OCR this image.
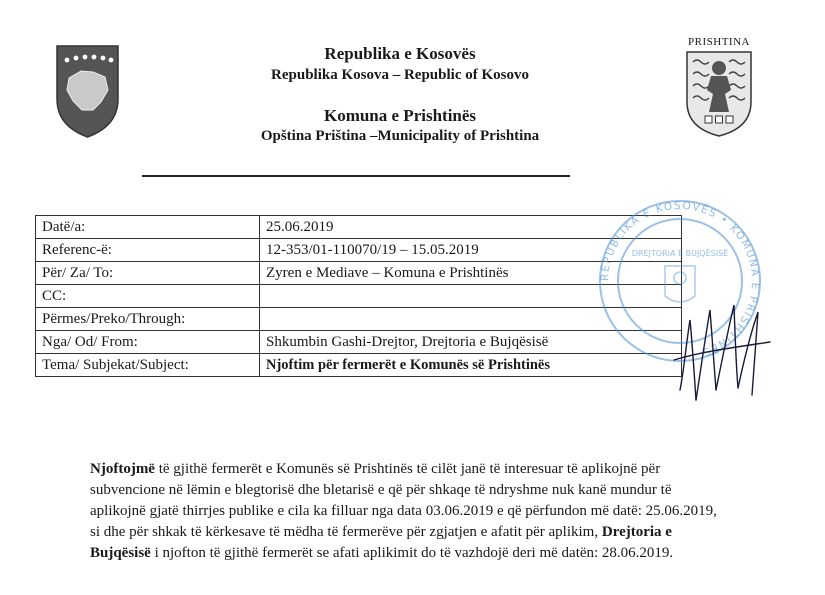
PRISHTINA
Republika e Kosovës
Republika Kosova – Republic of Kosovo
Komuna e Prishtinës
Opština Priština –Municipality of Prishtina
Datë/a:	25.06.2019
Referenc-ë:	12-353/01-110070/19 – 15.05.2019
Për/ Za/ To:	Zyren e Mediave – Komuna e Prishtinës
CC:	
Përmes/Preko/Through:	
Nga/ Od/ From:	Shkumbin Gashi-Drejtor, Drejtoria e Bujqësisë
Tema/ Subjekat/Subject:	Njoftim për fermerët e Komunës së Prishtinës
REPUBLIKA E KOSOVËS • KOMUNA E PRISHTINËS
DREJTORIA E BUJQËSISË
Njoftojmë të gjithë fermerët e Komunës së Prishtinës të cilët janë të interesuar të aplikojnë për subvencione në lëmin e blegtorisë dhe bletarisë e që për shkaqe të ndryshme nuk kanë mundur të aplikojnë gjatë thirrjes publike e cila ka filluar nga data 03.06.2019 e që përfundon më datë: 25.06.2019, si dhe për shkak të kërkesave të mëdha të fermerëve për zgjatjen e afatit për aplikim, Drejtoria e Bujqësisë i njofton të gjithë fermerët se afati aplikimit do të vazhdojë deri më datën: 28.06.2019.
